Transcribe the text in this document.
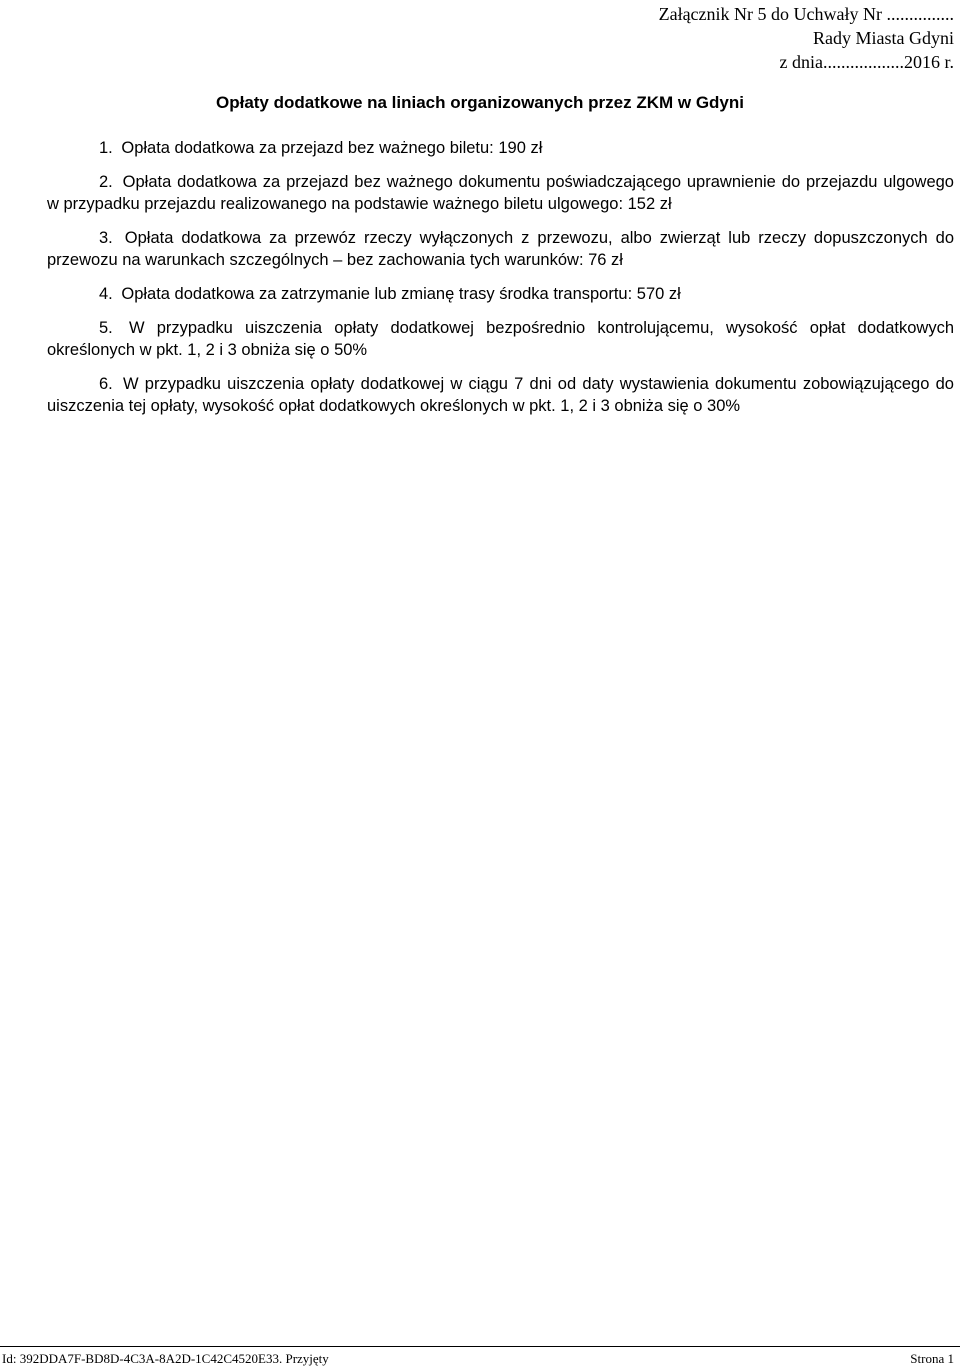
Załącznik Nr 5 do Uchwały Nr ...............
Rady Miasta Gdyni
z dnia..................2016 r.
Opłaty dodatkowe na liniach organizowanych przez ZKM w Gdyni

1. Opłata dodatkowa za przejazd bez ważnego biletu: 190 zł

2. Opłata dodatkowa za przejazd bez ważnego dokumentu poświadczającego uprawnienie do przejazdu ulgowego w przypadku przejazdu realizowanego na podstawie ważnego biletu ulgowego: 152 zł

3. Opłata dodatkowa za przewóz rzeczy wyłączonych z przewozu, albo zwierząt lub rzeczy dopuszczonych do przewozu na warunkach szczególnych – bez zachowania tych warunków: 76 zł

4. Opłata dodatkowa za zatrzymanie lub zmianę trasy środka transportu: 570 zł

5. W przypadku uiszczenia opłaty dodatkowej bezpośrednio kontrolującemu, wysokość opłat dodatkowych określonych w pkt. 1, 2 i 3 obniża się o 50%

6. W przypadku uiszczenia opłaty dodatkowej w ciągu 7 dni od daty wystawienia dokumentu zobowiązującego do uiszczenia tej opłaty, wysokość opłat dodatkowych określonych w pkt. 1, 2 i 3 obniża się o 30%

Id: 392DDA7F-BD8D-4C3A-8A2D-1C42C4520E33. Przyjęty	Strona 1
